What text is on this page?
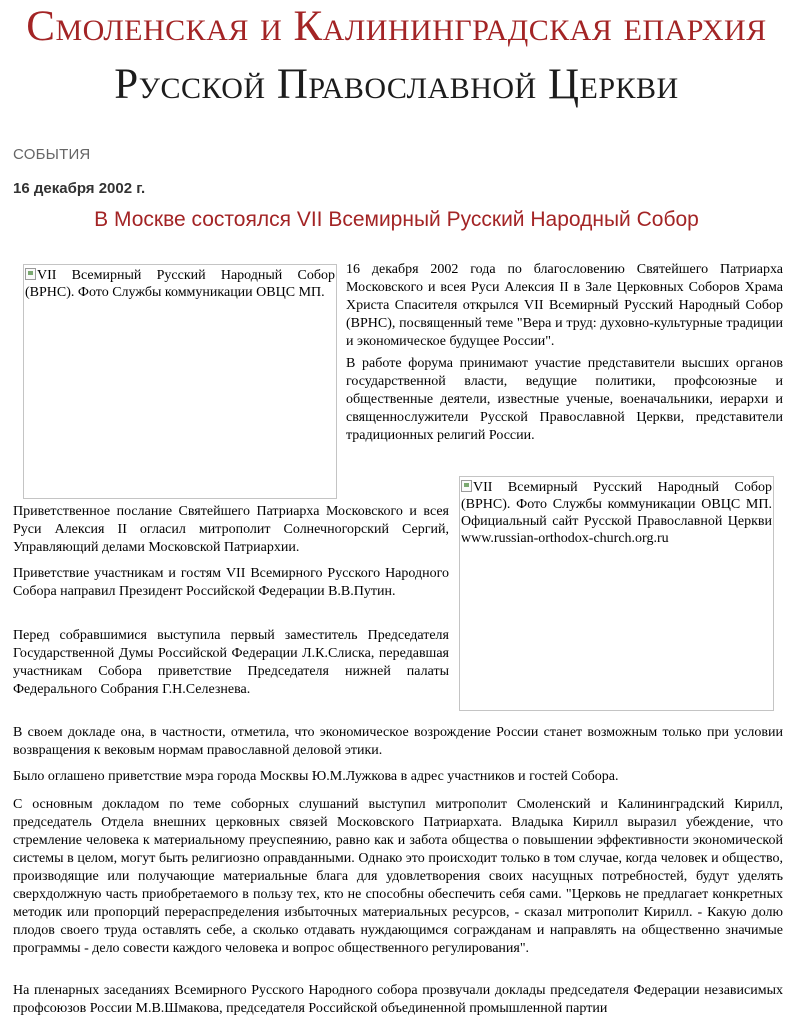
Смоленская и Калининградская епархия
Русской Православной Церкви
СОБЫТИЯ
16 декабря 2002 г.
В Москве состоялся VII Всемирный Русский Народный Собор
VII Всемирный Русский Народный Собор (ВРНС). Фото Службы коммуникации ОВЦС МП.
VII Всемирный Русский Народный Собор (ВРНС). Фото Службы коммуникации ОВЦС МП. Официальный сайт Русской Православной Церкви www.russian-orthodox-church.org.ru

16 декабря 2002 года по благословению Святейшего Патриарха Московского и всея Руси Алексия II в Зале Церковных Соборов Храма Христа Спасителя открылся VII Всемирный Русский Народный Собор (ВРНС), посвященный теме "Вера и труд: духовно-культурные традиции и экономическое будущее России".

В работе форума принимают участие представители высших органов государственной власти, ведущие политики, профсоюзные и общественные деятели, известные ученые, военачальники, иерархи и священнослужители Русской Православной Церкви, представители традиционных религий России.

Приветственное послание Святейшего Патриарха Московского и всея Руси Алексия II огласил митрополит Солнечногорский Сергий, Управляющий делами Московской Патриархии.

Приветствие участникам и гостям VII Всемирного Русского Народного Собора направил Президент Российской Федерации В.В.Путин.

Перед собравшимися выступила первый заместитель Председателя Государственной Думы Российской Федерации Л.К.Слиска, передавшая участникам Собора приветствие Председателя нижней палаты Федерального Собрания Г.Н.Селезнева.

В своем докладе она, в частности, отметила, что экономическое возрождение России станет возможным только при условии возвращения к вековым нормам православной деловой этики.

Было оглашено приветствие мэра города Москвы Ю.М.Лужкова в адрес участников и гостей Собора.

С основным докладом по теме соборных слушаний выступил митрополит Смоленский и Калининградский Кирилл, председатель Отдела внешних церковных связей Московского Патриархата. Владыка Кирилл выразил убеждение, что стремление человека к материальному преуспеянию, равно как и забота общества о повышении эффективности экономической системы в целом, могут быть религиозно оправданными. Однако это происходит только в том случае, когда человек и общество, производящие или получающие материальные блага для удовлетворения своих насущных потребностей, будут уделять сверхдолжную часть приобретаемого в пользу тех, кто не способны обеспечить себя сами. "Церковь не предлагает конкретных методик или пропорций перераспределения избыточных материальных ресурсов, - сказал митрополит Кирилл. - Какую долю плодов своего труда оставлять себе, а сколько отдавать нуждающимся согражданам и направлять на общественно значимые программы - дело совести каждого человека и вопрос общественного регулирования".

На пленарных заседаниях Всемирного Русского Народного собора прозвучали доклады председателя Федерации независимых профсоюзов России М.В.Шмакова, председателя Российской объединенной промышленной партии
